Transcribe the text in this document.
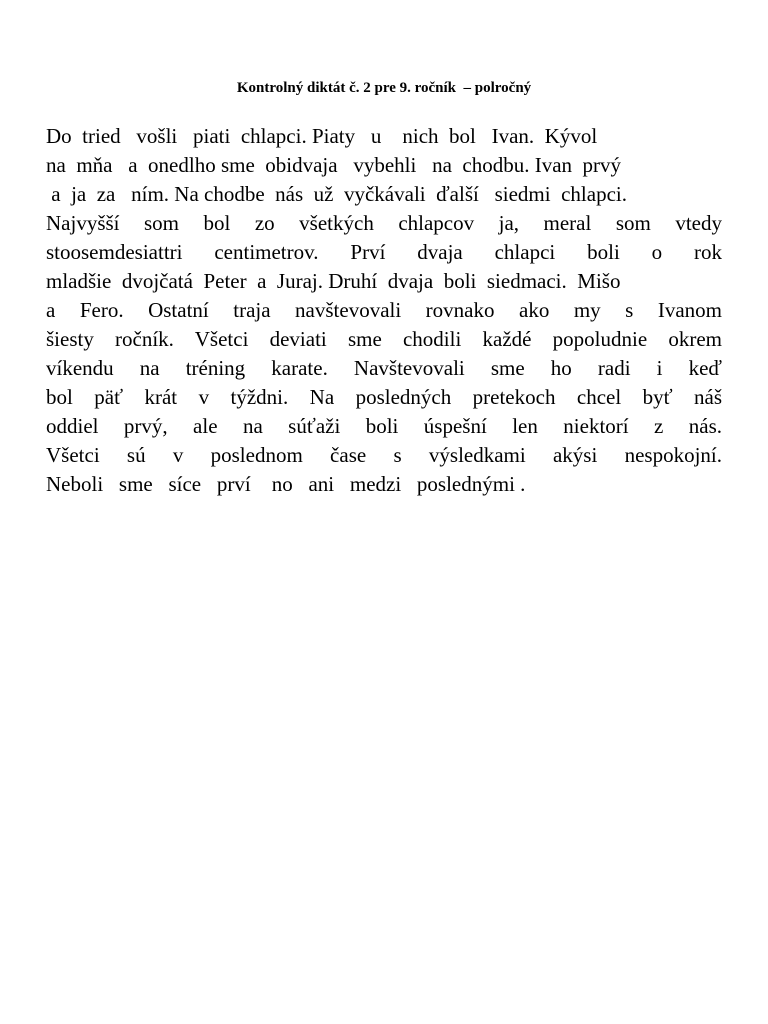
Kontrolný diktát č. 2 pre 9. ročník  – polročný
Do  tried   vošli   piati  chlapci. Piaty   u    nich  bol   Ivan.  Kývol
na  mňa   a  onedlho sme  obidvaja   vybehli   na  chodbu. Ivan  prvý
a  ja  za   ním. Na chodbe  nás  už  vyčkávali  ďalší   siedmi  chlapci.
Najvyšší som bol zo všetkých chlapcov ja, meral som vtedy
stoosemdesiattri centimetrov. Prví dvaja chlapci boli o rok
mladšie  dvojčatá  Peter  a  Juraj. Druhí  dvaja  boli  siedmaci.  Mišo
a Fero. Ostatní traja navštevovali rovnako ako my s Ivanom
šiesty ročník. Všetci deviati sme chodili každé popoludnie okrem
víkendu na tréning karate. Navštevovali sme ho radi i keď
bol päť krát v týždni. Na posledných pretekoch chcel byť náš
oddiel prvý, ale na súťaži boli úspešní len niektorí z nás.
Všetci sú v poslednom čase s výsledkami akýsi nespokojní.
Neboli   sme   síce   prví    no   ani   medzi   poslednými .
